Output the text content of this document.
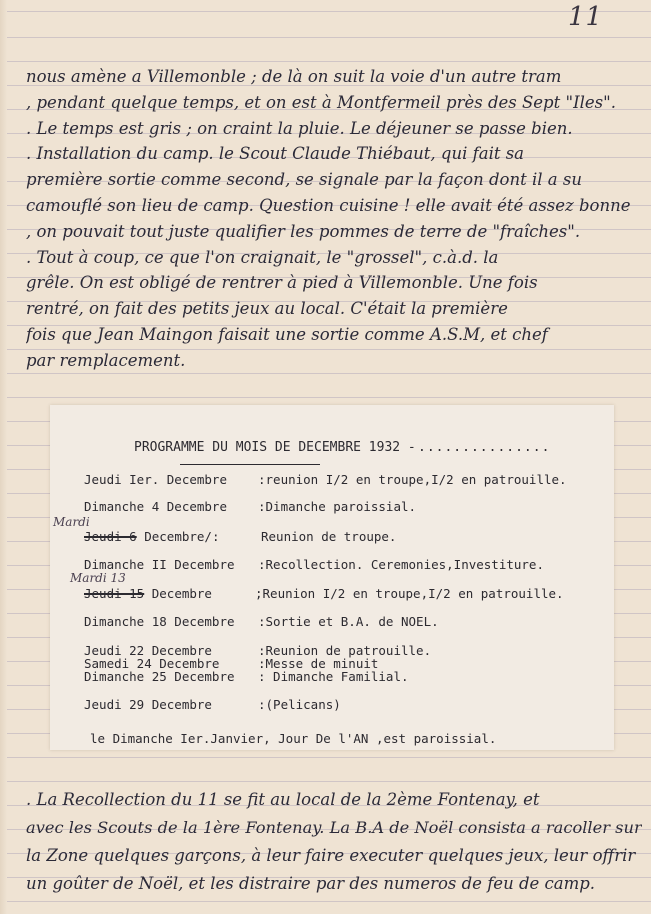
11
nous amène a Villemonble ; de là on suit la voie d'un autre tram
, pendant quelque temps, et on est à Montfermeil près des Sept "Iles".
. Le temps est gris ; on craint la pluie. Le déjeuner se passe bien.
. Installation du camp. le Scout Claude Thiébaut, qui fait sa
première sortie comme second, se signale par la façon dont il a su
camouflé son lieu de camp. Question cuisine ! elle avait été assez bonne
, on pouvait tout juste qualifier les pommes de terre de "fraîches".
. Tout à coup, ce que l'on craignait, le "grossel", c.à.d. la
grêle. On est obligé de rentrer à pied à Villemonble. Une fois
rentré, on fait des petits jeux au local. C'était la première
fois que Jean Maingon faisait une sortie comme A.S.M, et chef
par remplacement.
PROGRAMME DU MOIS DE DECEMBRE 1932 - ...............
Jeudi Ier. Decembre :reunion I/2 en troupe,I/2 en patrouille.
Dimanche 4 Decembre :Dimanche paroissial.
Mardi
Jeudi 6 Decembre/:	Reunion de troupe.
Dimanche II Decembre :Recollection. Ceremonies,Investiture.
Mardi 13
Jeudi 15 Decembre	;Reunion I/2 en troupe,I/2 en patrouille.
Dimanche 18 Decembre :Sortie et B.A. de NOEL.
Jeudi 22 Decembre	:Reunion de patrouille.
Samedi 24 Decembre	:Messe de minuit
Dimanche 25 Decembre : Dimanche Familial.
Jeudi 29 Decembre	:(Pelicans)
le Dimanche Ier.Janvier, Jour De l'AN ,est paroissial.
. La Recollection du 11 se fit au local de la 2ème Fontenay, et
avec les Scouts de la 1ère Fontenay. La B.A de Noël consista a racoller sur
la Zone quelques garçons, à leur faire executer quelques jeux, leur offrir
un goûter de Noël, et les distraire par des numeros de feu de camp.
